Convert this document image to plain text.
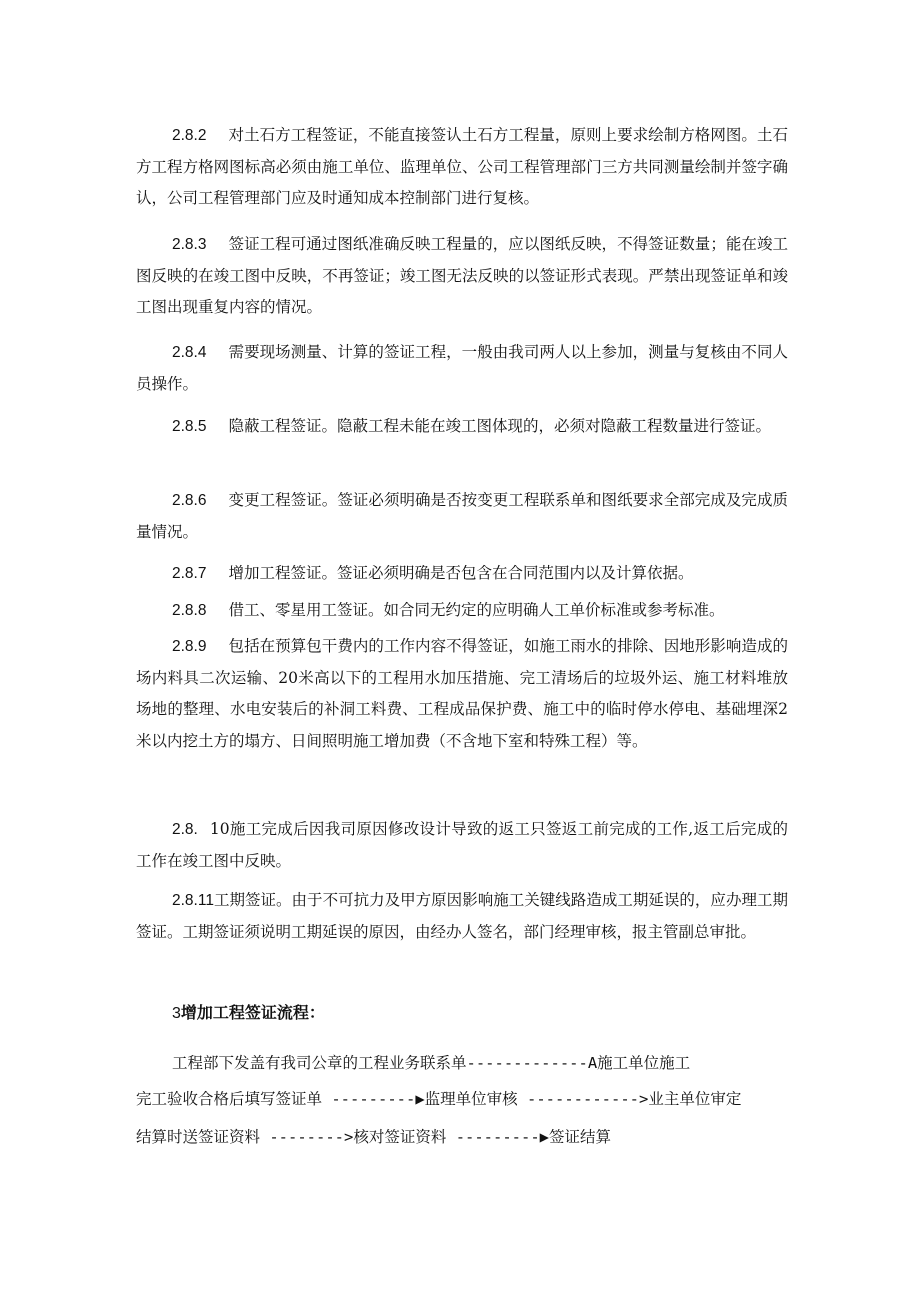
2.8.2 对土石方工程签证，不能直接签认土石方工程量，原则上要求绘制方格网图。土石方工程方格网图标高必须由施工单位、监理单位、公司工程管理部门三方共同测量绘制并签字确认，公司工程管理部门应及时通知成本控制部门进行复核。

2.8.3 签证工程可通过图纸准确反映工程量的，应以图纸反映，不得签证数量；能在竣工图反映的在竣工图中反映，不再签证；竣工图无法反映的以签证形式表现。严禁出现签证单和竣工图出现重复内容的情况。

2.8.4 需要现场测量、计算的签证工程，一般由我司两人以上参加，测量与复核由不同人员操作。

2.8.5 隐蔽工程签证。隐蔽工程未能在竣工图体现的，必须对隐蔽工程数量进行签证。

2.8.6 变更工程签证。签证必须明确是否按变更工程联系单和图纸要求全部完成及完成质量情况。

2.8.7 增加工程签证。签证必须明确是否包含在合同范围内以及计算依据。

2.8.8 借工、零星用工签证。如合同无约定的应明确人工单价标准或参考标准。

2.8.9 包括在预算包干费内的工作内容不得签证，如施工雨水的排除、因地形影响造成的场内料具二次运输、20米高以下的工程用水加压措施、完工清场后的垃圾外运、施工材料堆放场地的整理、水电安装后的补洞工料费、工程成品保护费、施工中的临时停水停电、基础埋深2米以内挖土方的塌方、日间照明施工增加费（不含地下室和特殊工程）等。

2.8. 10施工完成后因我司原因修改设计导致的返工只签返工前完成的工作,返工后完成的工作在竣工图中反映。

2.8.11工期签证。由于不可抗力及甲方原因影响施工关键线路造成工期延误的，应办理工期签证。工期签证须说明工期延误的原因，由经办人签名，部门经理审核，报主管副总审批。

3增加工程签证流程：
工程部下发盖有我司公章的工程业务联系单-------------A施工单位施工
完工验收合格后填写签证单 ---------▶监理单位审核 ------------>业主单位审定
结算时送签证资料 -------->核对签证资料 ---------▶签证结算
